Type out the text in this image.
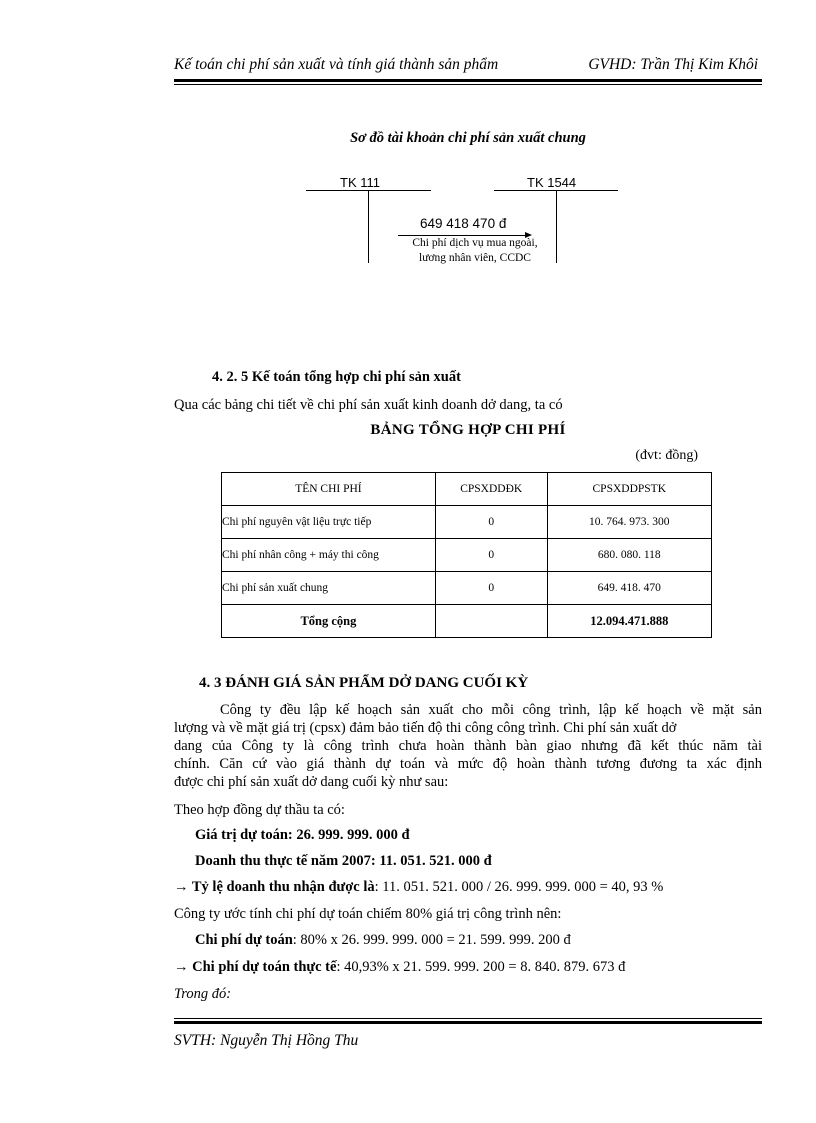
Kế toán chi phí sản xuất và tính giá thành sản phẩm	GVHD: Trần Thị Kim Khôi
Sơ đồ tài khoản chi phí sản xuất chung
TK 111	TK 1544
649 418 470 đ
Chi phí dịch vụ mua ngoài,
lương nhân viên, CCDC
4. 2. 5 Kế toán tổng hợp chi phí sản xuất
Qua các bảng chi tiết về chi phí sản xuất kinh doanh dở dang, ta có
BẢNG TỔNG HỢP CHI PHÍ
(đvt: đồng)
TÊN CHI PHÍ	CPSXDDĐK	CPSXDDPSTK
Chi phí nguyên vật liệu trực tiếp	0	10. 764. 973. 300
Chi phí nhân công + máy thi công	0	680. 080. 118
Chi phí sản xuất chung	0	649. 418. 470
Tổng cộng		12.094.471.888
4. 3 ĐÁNH GIÁ SẢN PHẨM DỞ DANG CUỐI KỲ
Công ty đều lập kế hoạch sản xuất cho mỗi công trình, lập kế hoạch về mặt sản
lượng và về mặt giá trị (cpsx) đảm bảo tiến độ thi công công trình. Chi phí sản xuất dở
dang của Công ty là công trình chưa hoàn thành bàn giao nhưng đã kết thúc năm tài
chính. Căn cứ vào giá thành dự toán và mức độ hoàn thành tương đương ta xác định
được chi phí sản xuất dở dang cuối kỳ như sau:
Theo hợp đồng dự thầu ta có:
Giá trị dự toán: 26. 999. 999. 000 đ
Doanh thu thực tế năm 2007: 11. 051. 521. 000 đ
→ Tỷ lệ doanh thu nhận được là: 11. 051. 521. 000 / 26. 999. 999. 000 = 40, 93 %
Công ty ước tính chi phí dự toán chiếm 80% giá trị công trình nên:
Chi phí dự toán: 80% x 26. 999. 999. 000 = 21. 599. 999. 200 đ
→ Chi phí dự toán thực tế: 40,93% x 21. 599. 999. 200 = 8. 840. 879. 673 đ
Trong đó:
SVTH: Nguyễn Thị Hồng Thu
